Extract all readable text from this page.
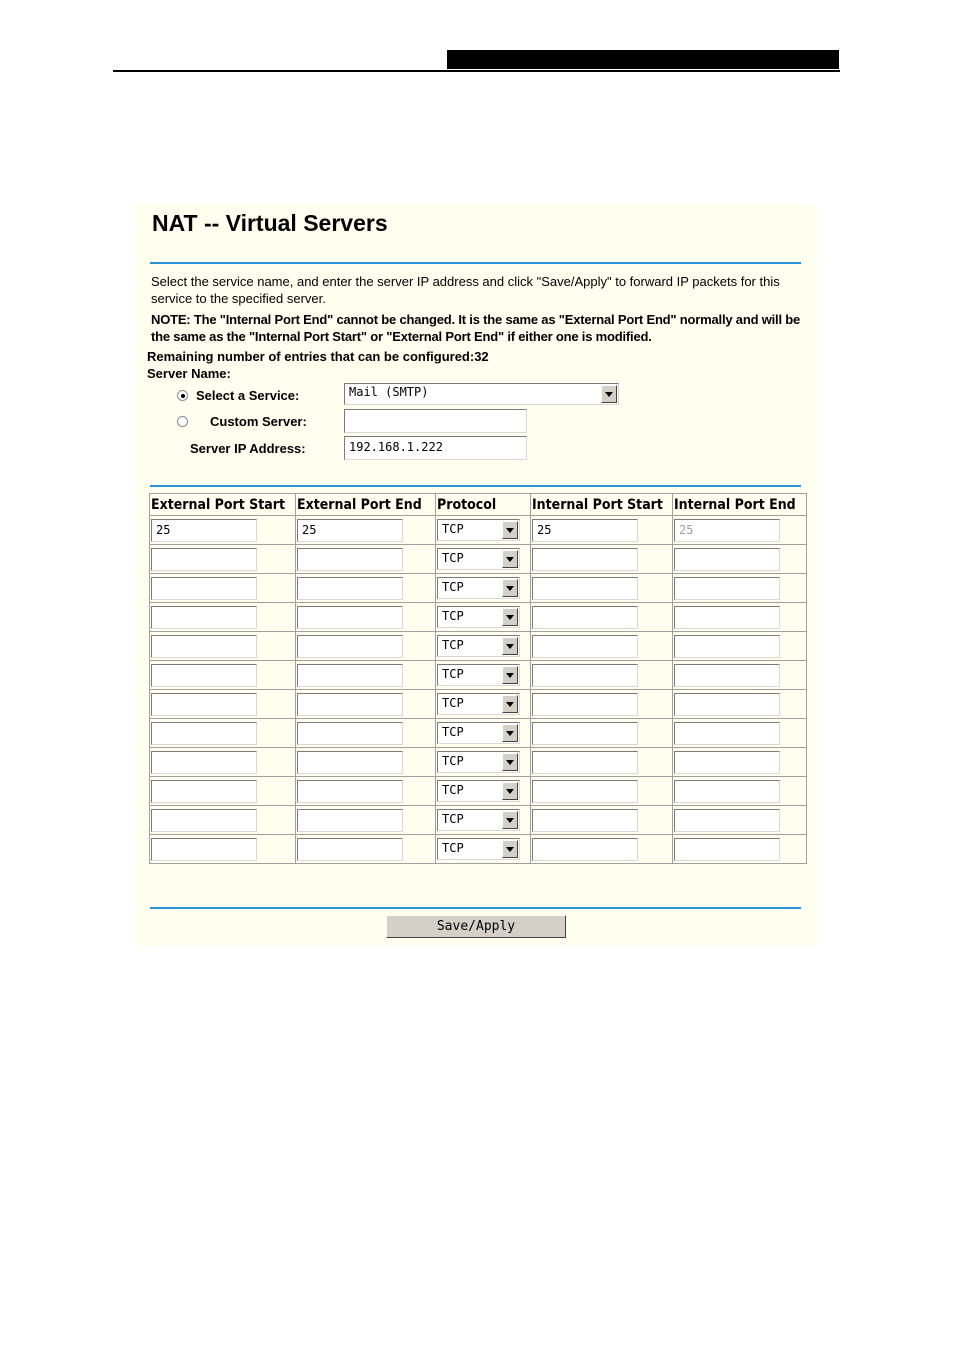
NAT -- Virtual Servers
Select the service name, and enter the server IP address and click "Save/Apply" to forward IP packets for this service to the specified server.
NOTE: The "Internal Port End" cannot be changed. It is the same as "External Port End" normally and will be the same as the "Internal Port Start" or "External Port End" if either one is modified.
Remaining number of entries that can be configured:32
Server Name:
Select a Service:	Mail (SMTP)
Custom Server:
Server IP Address:	192.168.1.222
External Port Start	External Port End	Protocol	Internal Port Start	Internal Port End

25	25	TCP	25	25

		TCP		

		TCP		

		TCP		

		TCP		

		TCP		

		TCP		

		TCP		

		TCP		

		TCP		

		TCP		

		TCP		

Save/Apply
